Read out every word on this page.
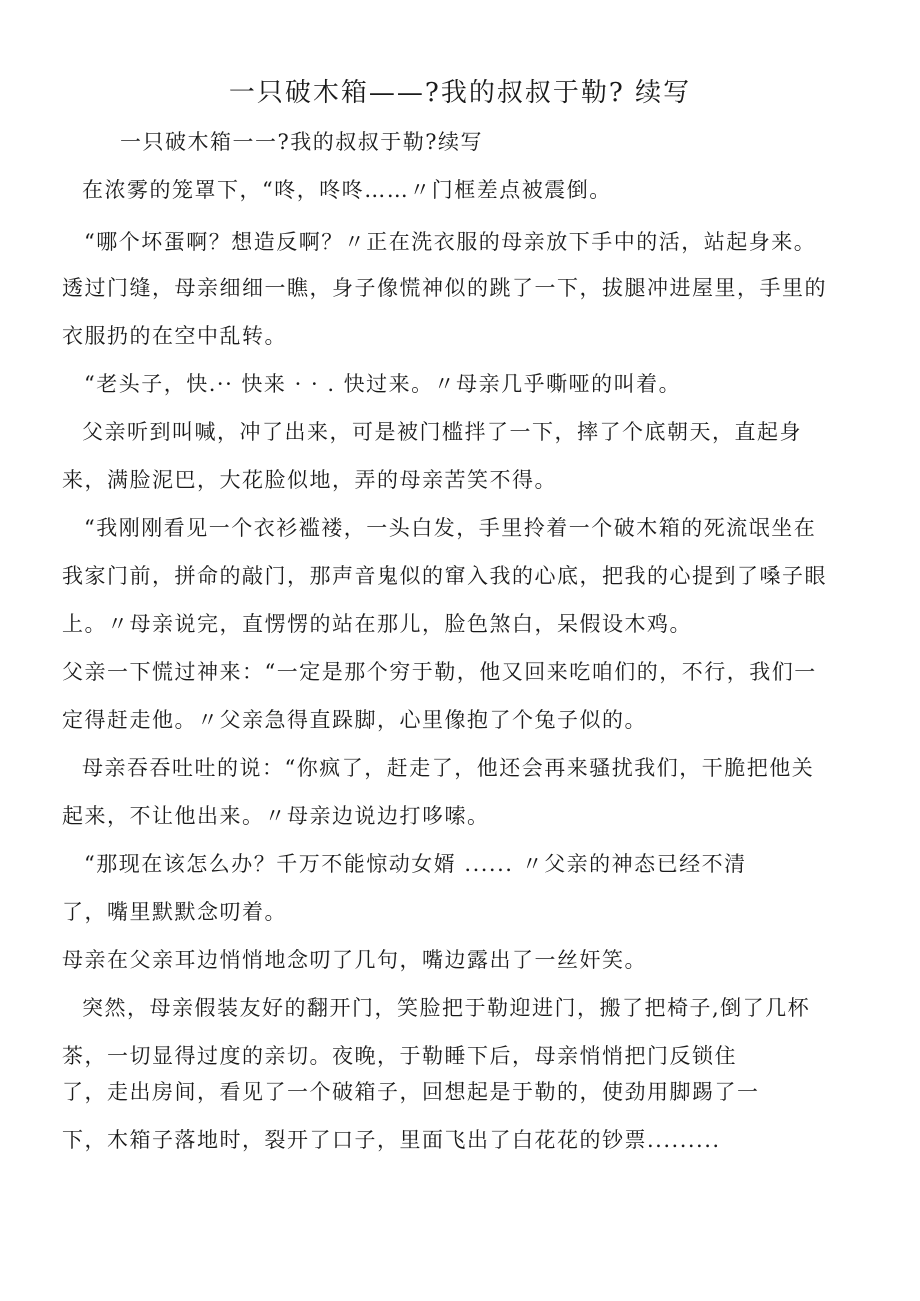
一只破木箱——?我的叔叔于勒? 续写
一只破木箱一一?我的叔叔于勒?续写
在浓雾的笼罩下，“咚，咚咚……〃门框差点被震倒。
“哪个坏蛋啊？想造反啊？〃正在洗衣服的母亲放下手中的活，站起身来。
透过门缝，母亲细细一瞧，身子像慌神似的跳了一下，拔腿冲进屋里，手里的
衣服扔的在空中乱转。
“老头子，快.·· 快来 · · . 快过来。〃母亲几乎嘶哑的叫着。
父亲听到叫喊，冲了出来，可是被门槛拌了一下，摔了个底朝天，直起身
来，满脸泥巴，大花脸似地，弄的母亲苦笑不得。
“我刚刚看见一个衣衫褴褛，一头白发，手里拎着一个破木箱的死流氓坐在
我家门前，拼命的敲门，那声音鬼似的窜入我的心底，把我的心提到了嗓子眼
上。〃母亲说完，直愣愣的站在那儿，脸色煞白，呆假设木鸡。
父亲一下慌过神来：“一定是那个穷于勒，他又回来吃咱们的，不行，我们一
定得赶走他。〃父亲急得直跺脚，心里像抱了个兔子似的。
母亲吞吞吐吐的说：“你疯了，赶走了，他还会再来骚扰我们，干脆把他关
起来，不让他出来。〃母亲边说边打哆嗦。
“那现在该怎么办？千万不能惊动女婿 ...... 〃父亲的神态已经不清
了，嘴里默默念叨着。
母亲在父亲耳边悄悄地念叨了几句，嘴边露出了一丝奸笑。
突然，母亲假装友好的翻开门，笑脸把于勒迎进门，搬了把椅子,倒了几杯
茶，一切显得过度的亲切。夜晚，于勒睡下后，母亲悄悄把门反锁住
了，走出房间，看见了一个破箱子，回想起是于勒的，使劲用脚踢了一
下，木箱子落地时，裂开了口子，里面飞出了白花花的钞票.........
